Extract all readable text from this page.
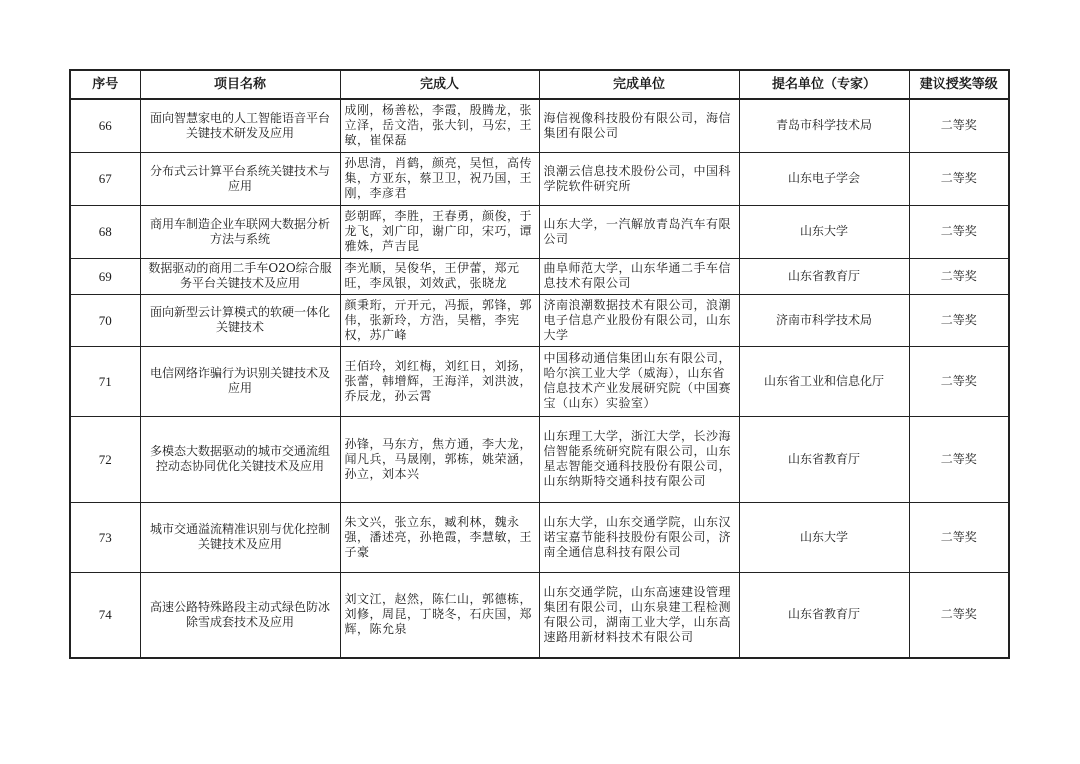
序号	项目名称	完成人	完成单位	提名单位（专家）	建议授奖等级
66	面向智慧家电的人工智能语音平台关键技术研发及应用	成刚，杨善松，李霞，殷腾龙，张立泽，岳文浩，张大钊，马宏，王敏，崔保磊	海信视像科技股份有限公司，海信集团有限公司	青岛市科学技术局	二等奖
67	分布式云计算平台系统关键技术与应用	孙思清，肖鹤，颜亮，吴恒，高传集，方亚东，蔡卫卫，祝乃国，王刚，李彦君	浪潮云信息技术股份公司，中国科学院软件研究所	山东电子学会	二等奖
68	商用车制造企业车联网大数据分析方法与系统	彭朝晖，李胜，王春勇，颜俊，于龙飞，刘广印，谢广印，宋巧，谭雅姝，芦吉昆	山东大学，一汽解放青岛汽车有限公司	山东大学	二等奖
69	数据驱动的商用二手车O2O综合服务平台关键技术及应用	李光顺，吴俊华，王伊蕾，郑元旺，李凤银，刘效武，张晓龙	曲阜师范大学，山东华通二手车信息技术有限公司	山东省教育厅	二等奖
70	面向新型云计算模式的软硬一体化关键技术	颜秉珩，亓开元，冯振，郭锋，郭伟，张新玲，方浩，吴楷，李宪权，苏广峰	济南浪潮数据技术有限公司，浪潮电子信息产业股份有限公司，山东大学	济南市科学技术局	二等奖
71	电信网络诈骗行为识别关键技术及应用	王佰玲，刘红梅，刘红日，刘扬，张蕾，韩增辉，王海洋，刘洪波，乔辰龙，孙云霄	中国移动通信集团山东有限公司，哈尔滨工业大学（威海），山东省信息技术产业发展研究院（中国赛宝（山东）实验室）	山东省工业和信息化厅	二等奖
72	多模态大数据驱动的城市交通流组控动态协同优化关键技术及应用	孙锋，马东方，焦方通，李大龙，闻凡兵，马晟刚，郭栋，姚荣涵，孙立，刘本兴	山东理工大学，浙江大学，长沙海信智能系统研究院有限公司，山东星志智能交通科技股份有限公司，山东纳斯特交通科技有限公司	山东省教育厅	二等奖
73	城市交通溢流精准识别与优化控制关键技术及应用	朱文兴，张立东，臧利林，魏永强，潘述亮，孙艳霞，李慧敏，王子豪	山东大学，山东交通学院，山东汉诺宝嘉节能科技股份有限公司，济南全通信息科技有限公司	山东大学	二等奖
74	高速公路特殊路段主动式绿色防冰除雪成套技术及应用	刘文江，赵然，陈仁山，郭德栋，刘修，周昆，丁晓冬，石庆国，郑辉，陈允泉	山东交通学院，山东高速建设管理集团有限公司，山东泉建工程检测有限公司，湖南工业大学，山东高速路用新材料技术有限公司	山东省教育厅	二等奖
